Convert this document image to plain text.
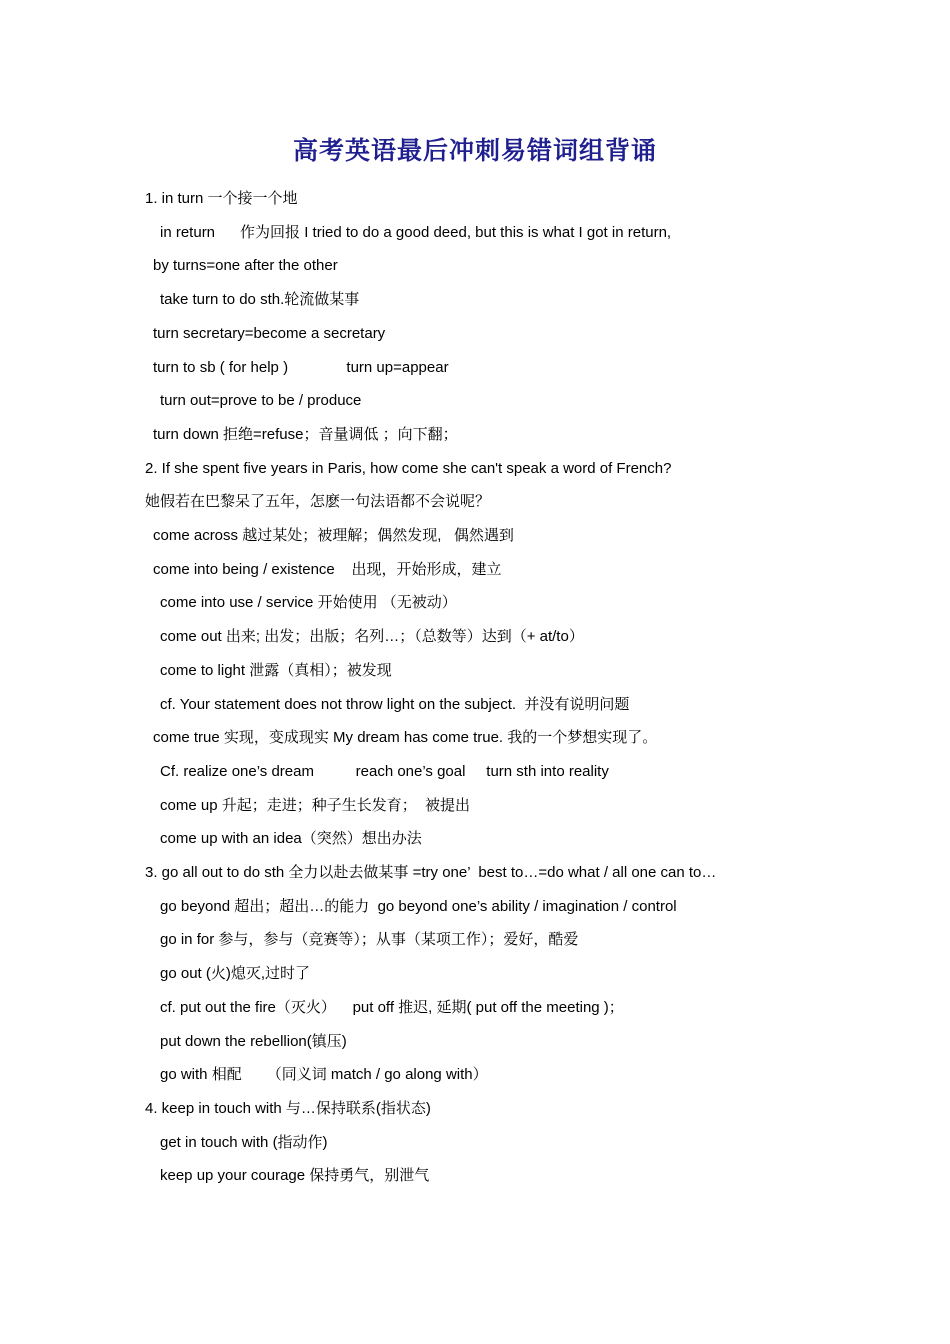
高考英语最后冲刺易错词组背诵
1. in turn 一个接一个地
in return      作为回报 I tried to do a good deed, but this is what I got in return,
by turns=one after the other
take turn to do sth.轮流做某事
turn secretary=become a secretary
turn to sb ( for help )              turn up=appear
turn out=prove to be / produce
turn down 拒绝=refuse；音量调低 ；向下翻；
2. If she spent five years in Paris, how come she can't speak a word of French?
她假若在巴黎呆了五年，怎麽一句法语都不会说呢？
come across 越过某处；被理解；偶然发现,   偶然遇到
come into being / existence    出现，开始形成，建立
come into use / service 开始使用 （无被动）
come out 出来; 出发；出版；名列…；（总数等）达到（+ at/to）
come to light 泄露（真相）；被发现
cf. Your statement does not throw light on the subject.  并没有说明问题
come true 实现，变成现实 My dream has come true. 我的一个梦想实现了。
Cf. realize one’s dream          reach one’s goal     turn sth into reality
come up 升起；走进；种子生长发育；  被提出
come up with an idea（突然）想出办法
3. go all out to do sth 全力以赴去做某事 =try one’  best to…=do what / all one can to…
go beyond 超出；超出…的能力  go beyond one’s ability / imagination / control
go in for 参与，参与（竞赛等）；从事（某项工作）；爱好，酷爱
go out (火)熄灭,过时了
cf. put out the fire（灭火）    put off 推迟, 延期( put off the meeting )；
put down the rebellion(镇压)
go with 相配      （同义词 match / go along with）
4. keep in touch with 与…保持联系(指状态)
get in touch with (指动作)
keep up your courage 保持勇气，别泄气
